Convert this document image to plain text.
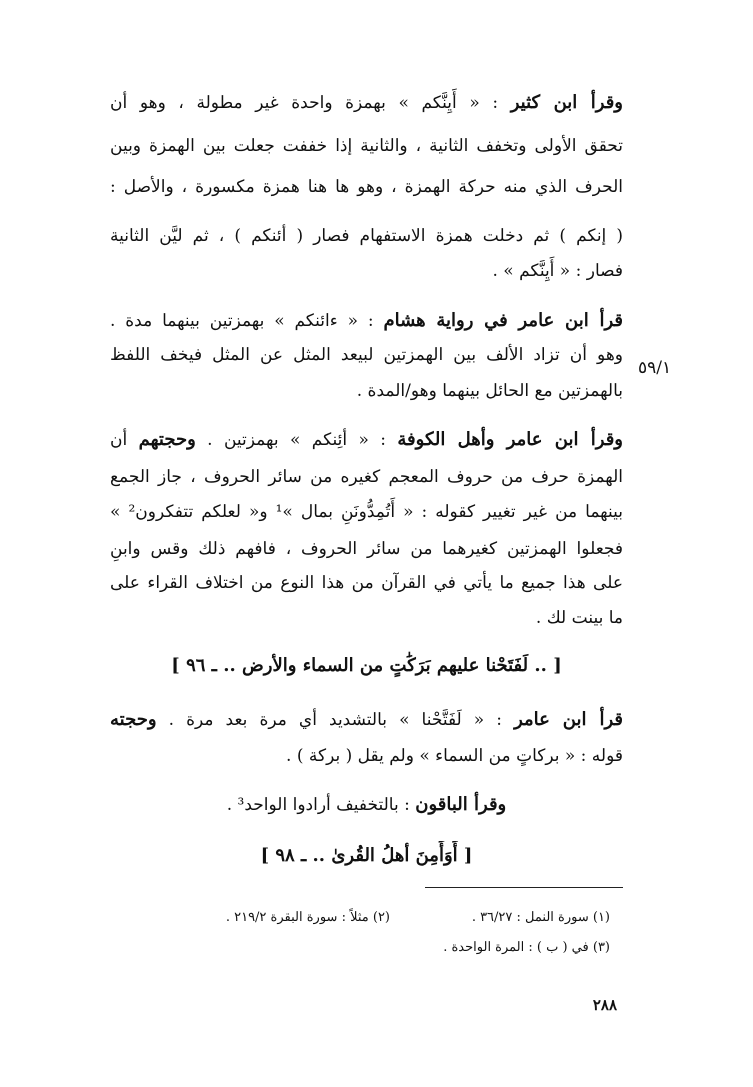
وقرأ ابن كثير : « أَيِنَّكم » بهمزة واحدة غير مطولة ، وهو أن
تحقق الأولى وتخفف الثانية ، والثانية إذا خففت جعلت بين الهمزة وبين
الحرف الذي منه حركة الهمزة ، وهو ها هنا همزة مكسورة ، والأصل :
( إنكم ) ثم دخلت همزة الاستفهام فصار ( أئنكم ) ، ثم ليَّن الثانية
فصار : « أَيِنَّكم » .
قرأ ابن عامر في رواية هشام : « ءائنكم » بهمزتين بينهما مدة .
وهو أن تزاد الألف بين الهمزتين لبيعد المثل عن المثل فيخف اللفظ
بالهمزتين مع الحائل بينهما وهو/المدة .
٥٩/١
وقرأ ابن عامر وأهل الكوفة : « أئِنكم » بهمزتين . وحجتهم أن
الهمزة حرف من حروف المعجم كغيره من سائر الحروف ، جاز الجمع
بينهما من غير تغيير كقوله : « أَتُمِدُّونَنِ بمال »¹ و« لعلكم تتفكرون² »
فجعلوا الهمزتين كغيرهما من سائر الحروف ، فافهم ذلك وقس وابنِ
على هذا جميع ما يأتي في القرآن من هذا النوع من اختلاف القراء على
ما بينت لك .
[ .. لَفَتَحْنا عليهم بَرَكَٰتٍ من السماء والأرض .. ـ ٩٦ ]
قرأ ابن عامر : « لَفَتَّحْنا » بالتشديد أي مرة بعد مرة . وحجته
قوله : « بركاتٍ من السماء » ولم يقل ( بركة ) .
وقرأ الباقون : بالتخفيف أرادوا الواحد³ .
[ أَوَأَمِنَ أهلُ القُرىٰ .. ـ ٩٨ ]
(١) سورة النمل : ٣٦/٢٧ .
(٢) مثلاً : سورة البقرة ٢١٩/٢ .
(٣) في ( ب ) : المرة الواحدة .
٢٨٨
